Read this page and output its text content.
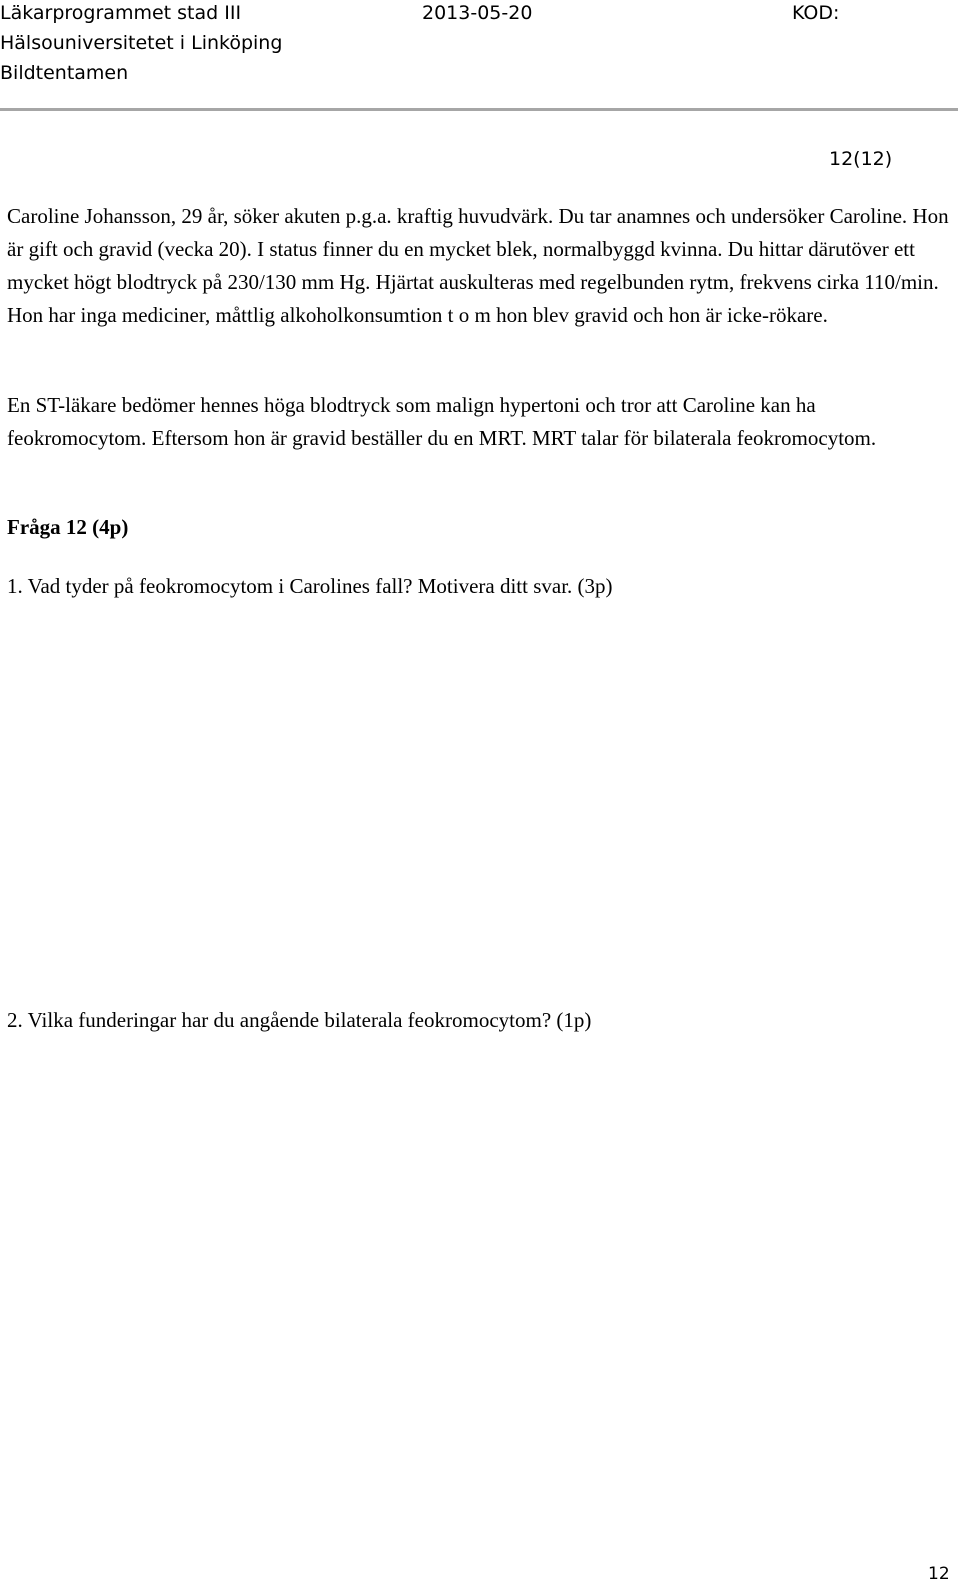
Läkarprogrammet stad III	2013-05-20	KOD:
Hälsouniversitetet i Linköping
Bildtentamen
12(12)

Caroline Johansson, 29 år, söker akuten p.g.a. kraftig huvudvärk. Du tar anamnes och undersöker Caroline. Hon är gift och gravid (vecka 20). I status finner du en mycket blek, normalbyggd kvinna. Du hittar därutöver ett mycket högt blodtryck på 230/130 mm Hg. Hjärtat auskulteras med regelbunden rytm, frekvens cirka 110/min. Hon har inga mediciner, måttlig alkoholkonsumtion t o m hon blev gravid och hon är icke-rökare.

En ST-läkare bedömer hennes höga blodtryck som malign hypertoni och tror att Caroline kan ha feokromocytom. Eftersom hon är gravid beställer du en MRT. MRT talar för bilaterala feokromocytom.

Fråga 12 (4p)

1. Vad tyder på feokromocytom i Carolines fall? Motivera ditt svar. (3p)

2. Vilka funderingar har du angående bilaterala feokromocytom? (1p)

12
